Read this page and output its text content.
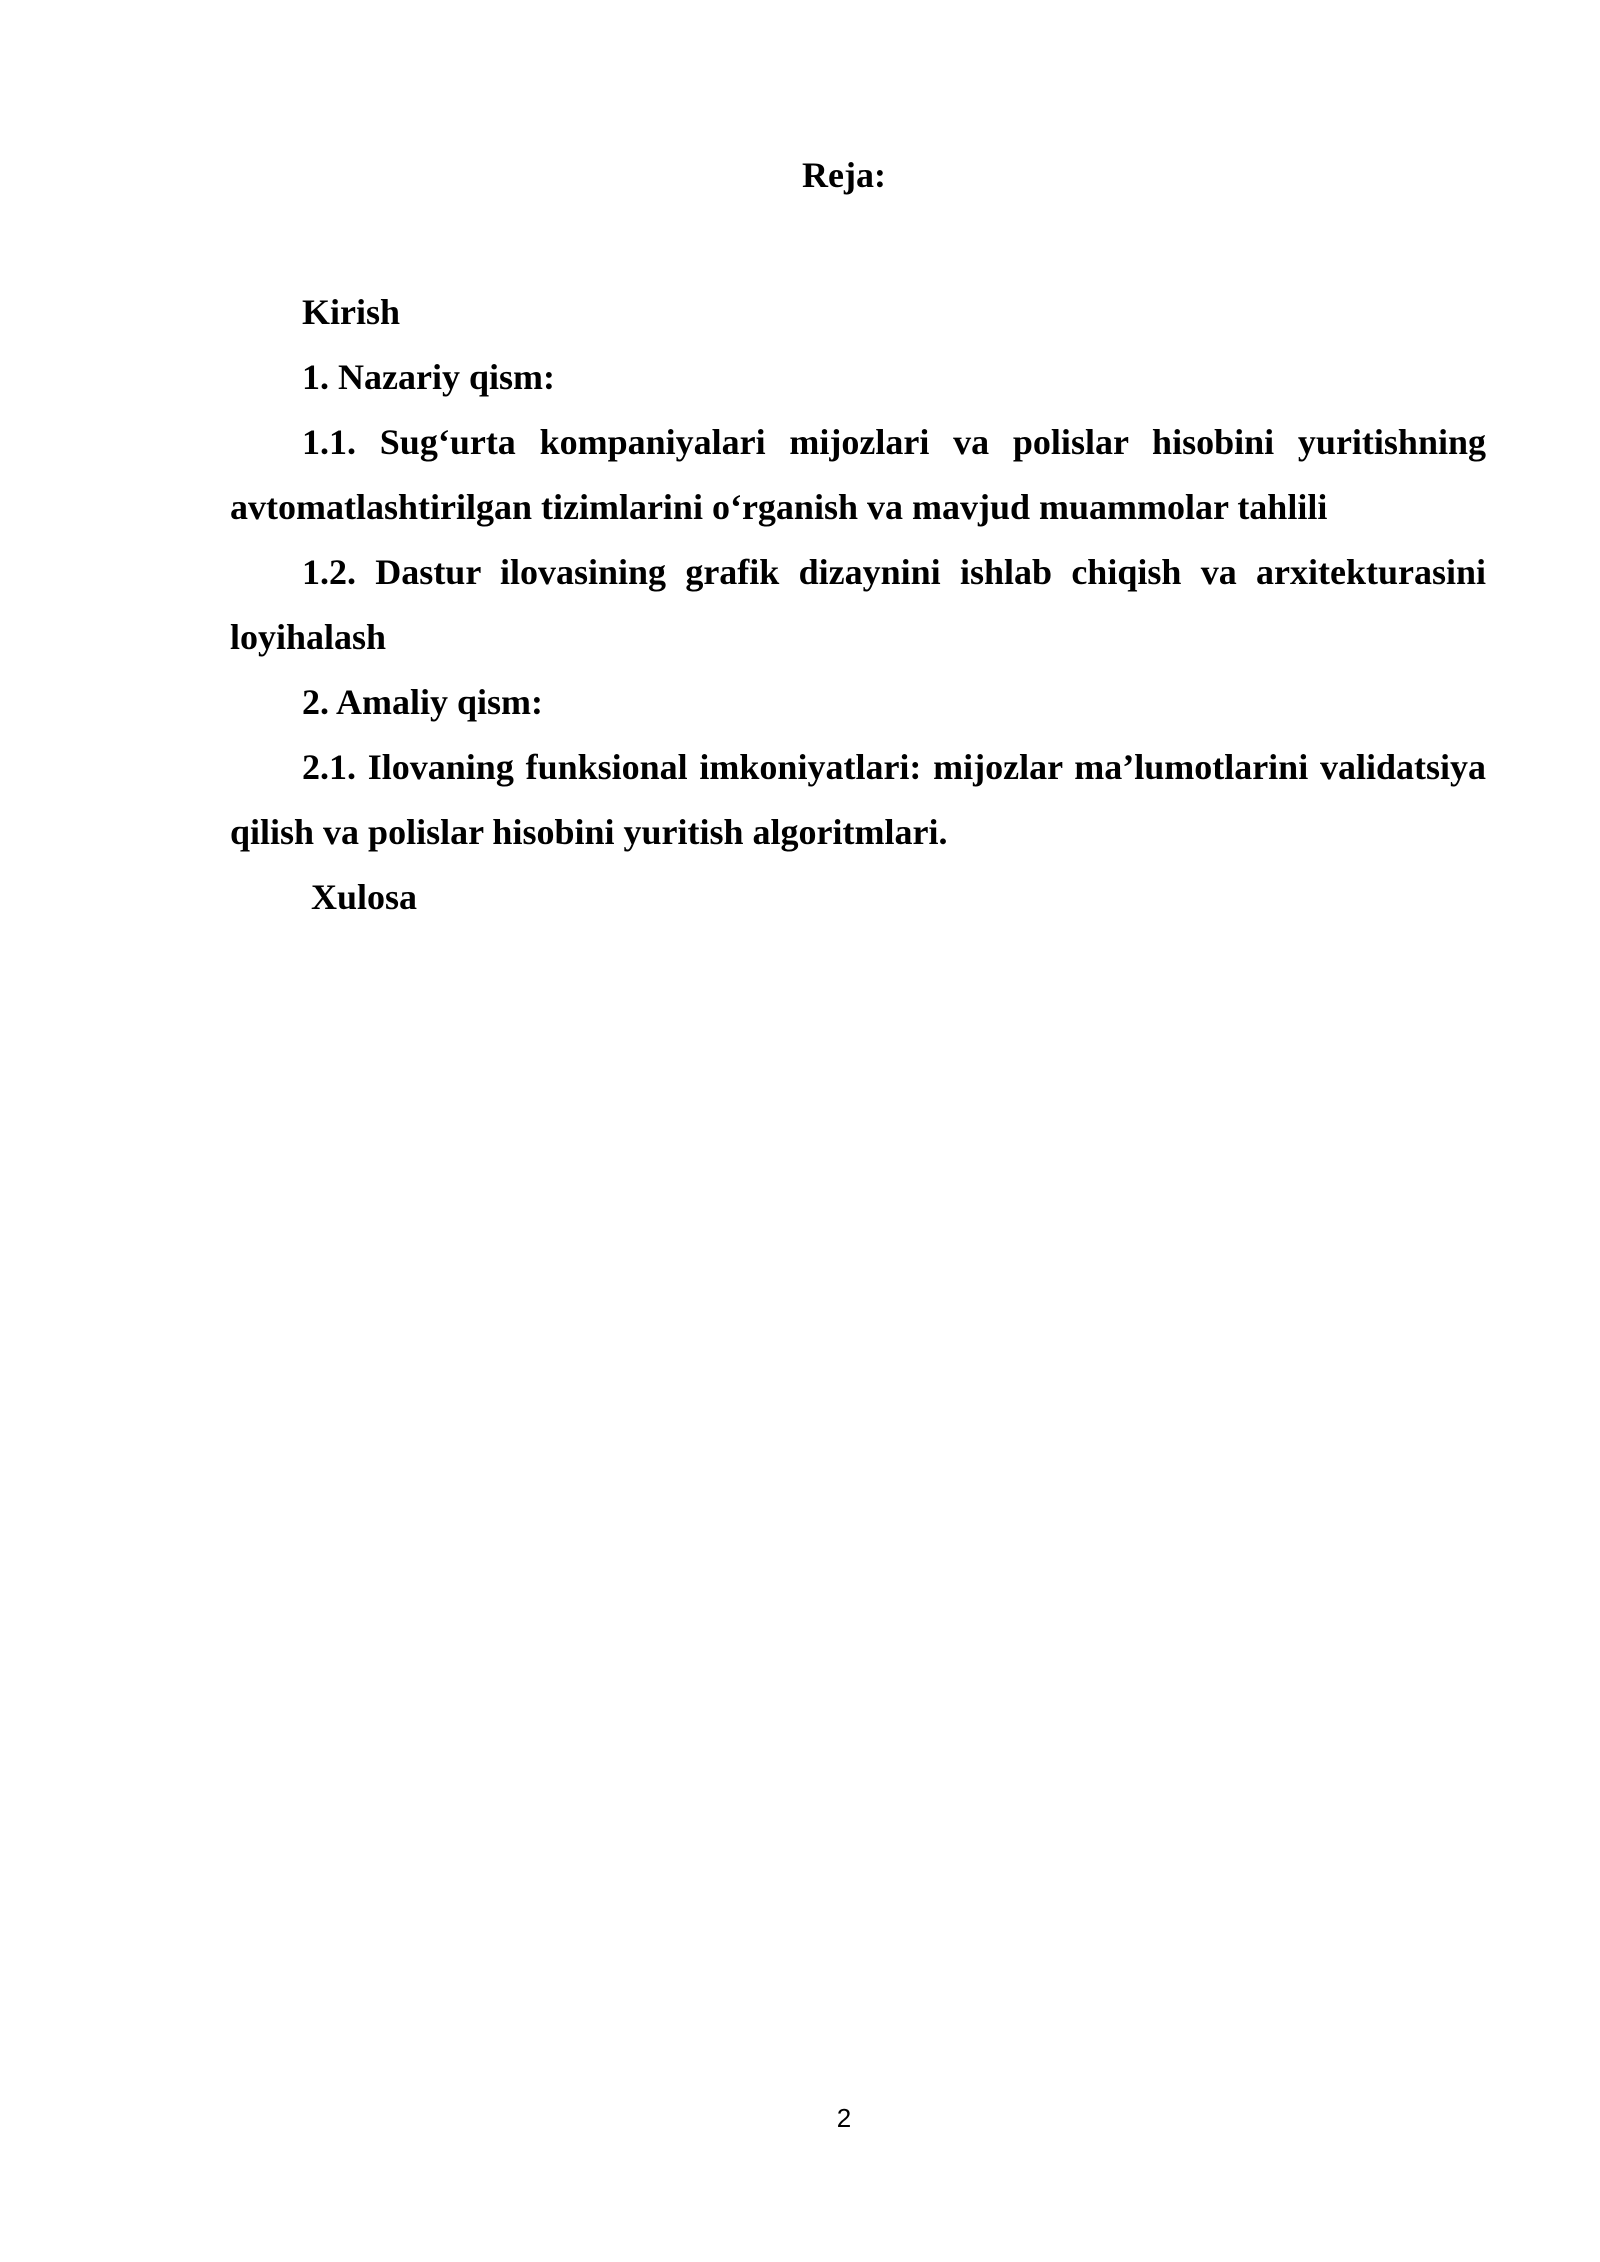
Reja:

Kirish

1. Nazariy qism:

1.1. Sug‘urta kompaniyalari mijozlari va polislar hisobini yuritishning avtomatlashtirilgan tizimlarini o‘rganish va mavjud muammolar tahlili

1.2. Dastur ilovasining grafik dizaynini ishlab chiqish va arxitekturasini loyihalash

2. Amaliy qism:

2.1. Ilovaning funksional imkoniyatlari: mijozlar ma’lumotlarini validatsiya qilish va polislar hisobini yuritish algoritmlari.

Xulosa

2
